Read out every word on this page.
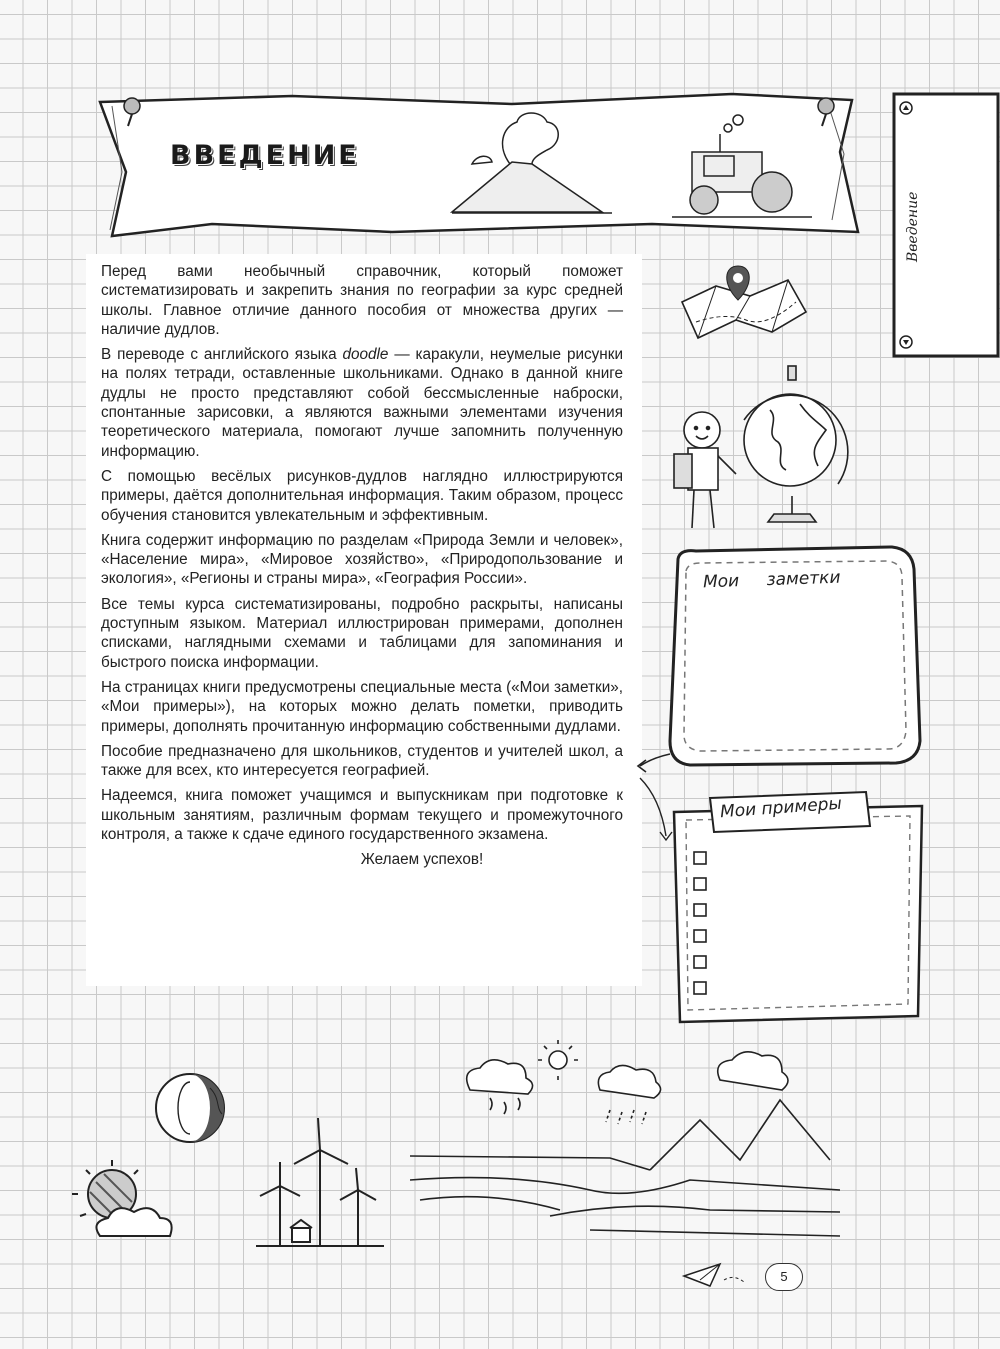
ВВЕДЕНИЕ
Введение

Перед вами необычный справочник, который поможет систематизировать и закрепить знания по географии за курс средней школы. Главное отличие данного пособия от множества других — наличие дудлов.

В переводе с английского языка doodle — каракули, неумелые рисунки на полях тетради, оставленные школьниками. Однако в данной книге дудлы не просто представляют собой бессмысленные наброски, спонтанные зарисовки, а являются важными элементами изучения теоретического материала, помогают лучше запомнить полученную информацию.

С помощью весёлых рисунков-дудлов наглядно иллюстрируются примеры, даётся дополнительная информация. Таким образом, процесс обучения становится увлекательным и эффективным.

Книга содержит информацию по разделам «Природа Земли и человек», «Население мира», «Мировое хозяйство», «Природопользование и экология», «Регионы и страны мира», «География России».

Все темы курса систематизированы, подробно раскрыты, написаны доступным языком. Материал иллюстрирован примерами, дополнен списками, наглядными схемами и таблицами для запоминания и быстрого поиска информации.

На страницах книги предусмотрены специальные места («Мои заметки», «Мои примеры»), на которых можно делать пометки, приводить примеры, дополнять прочитанную информацию собственными дудлами.

Пособие предназначено для школьников, студентов и учителей школ, а также для всех, кто интересуется географией.

Надеемся, книга поможет учащимся и выпускникам при подготовке к школьным занятиям, различным формам текущего и промежуточного контроля, а также к сдаче единого государственного экзамена.

Желаем успехов!

Мои заметки
Мои примеры
5
